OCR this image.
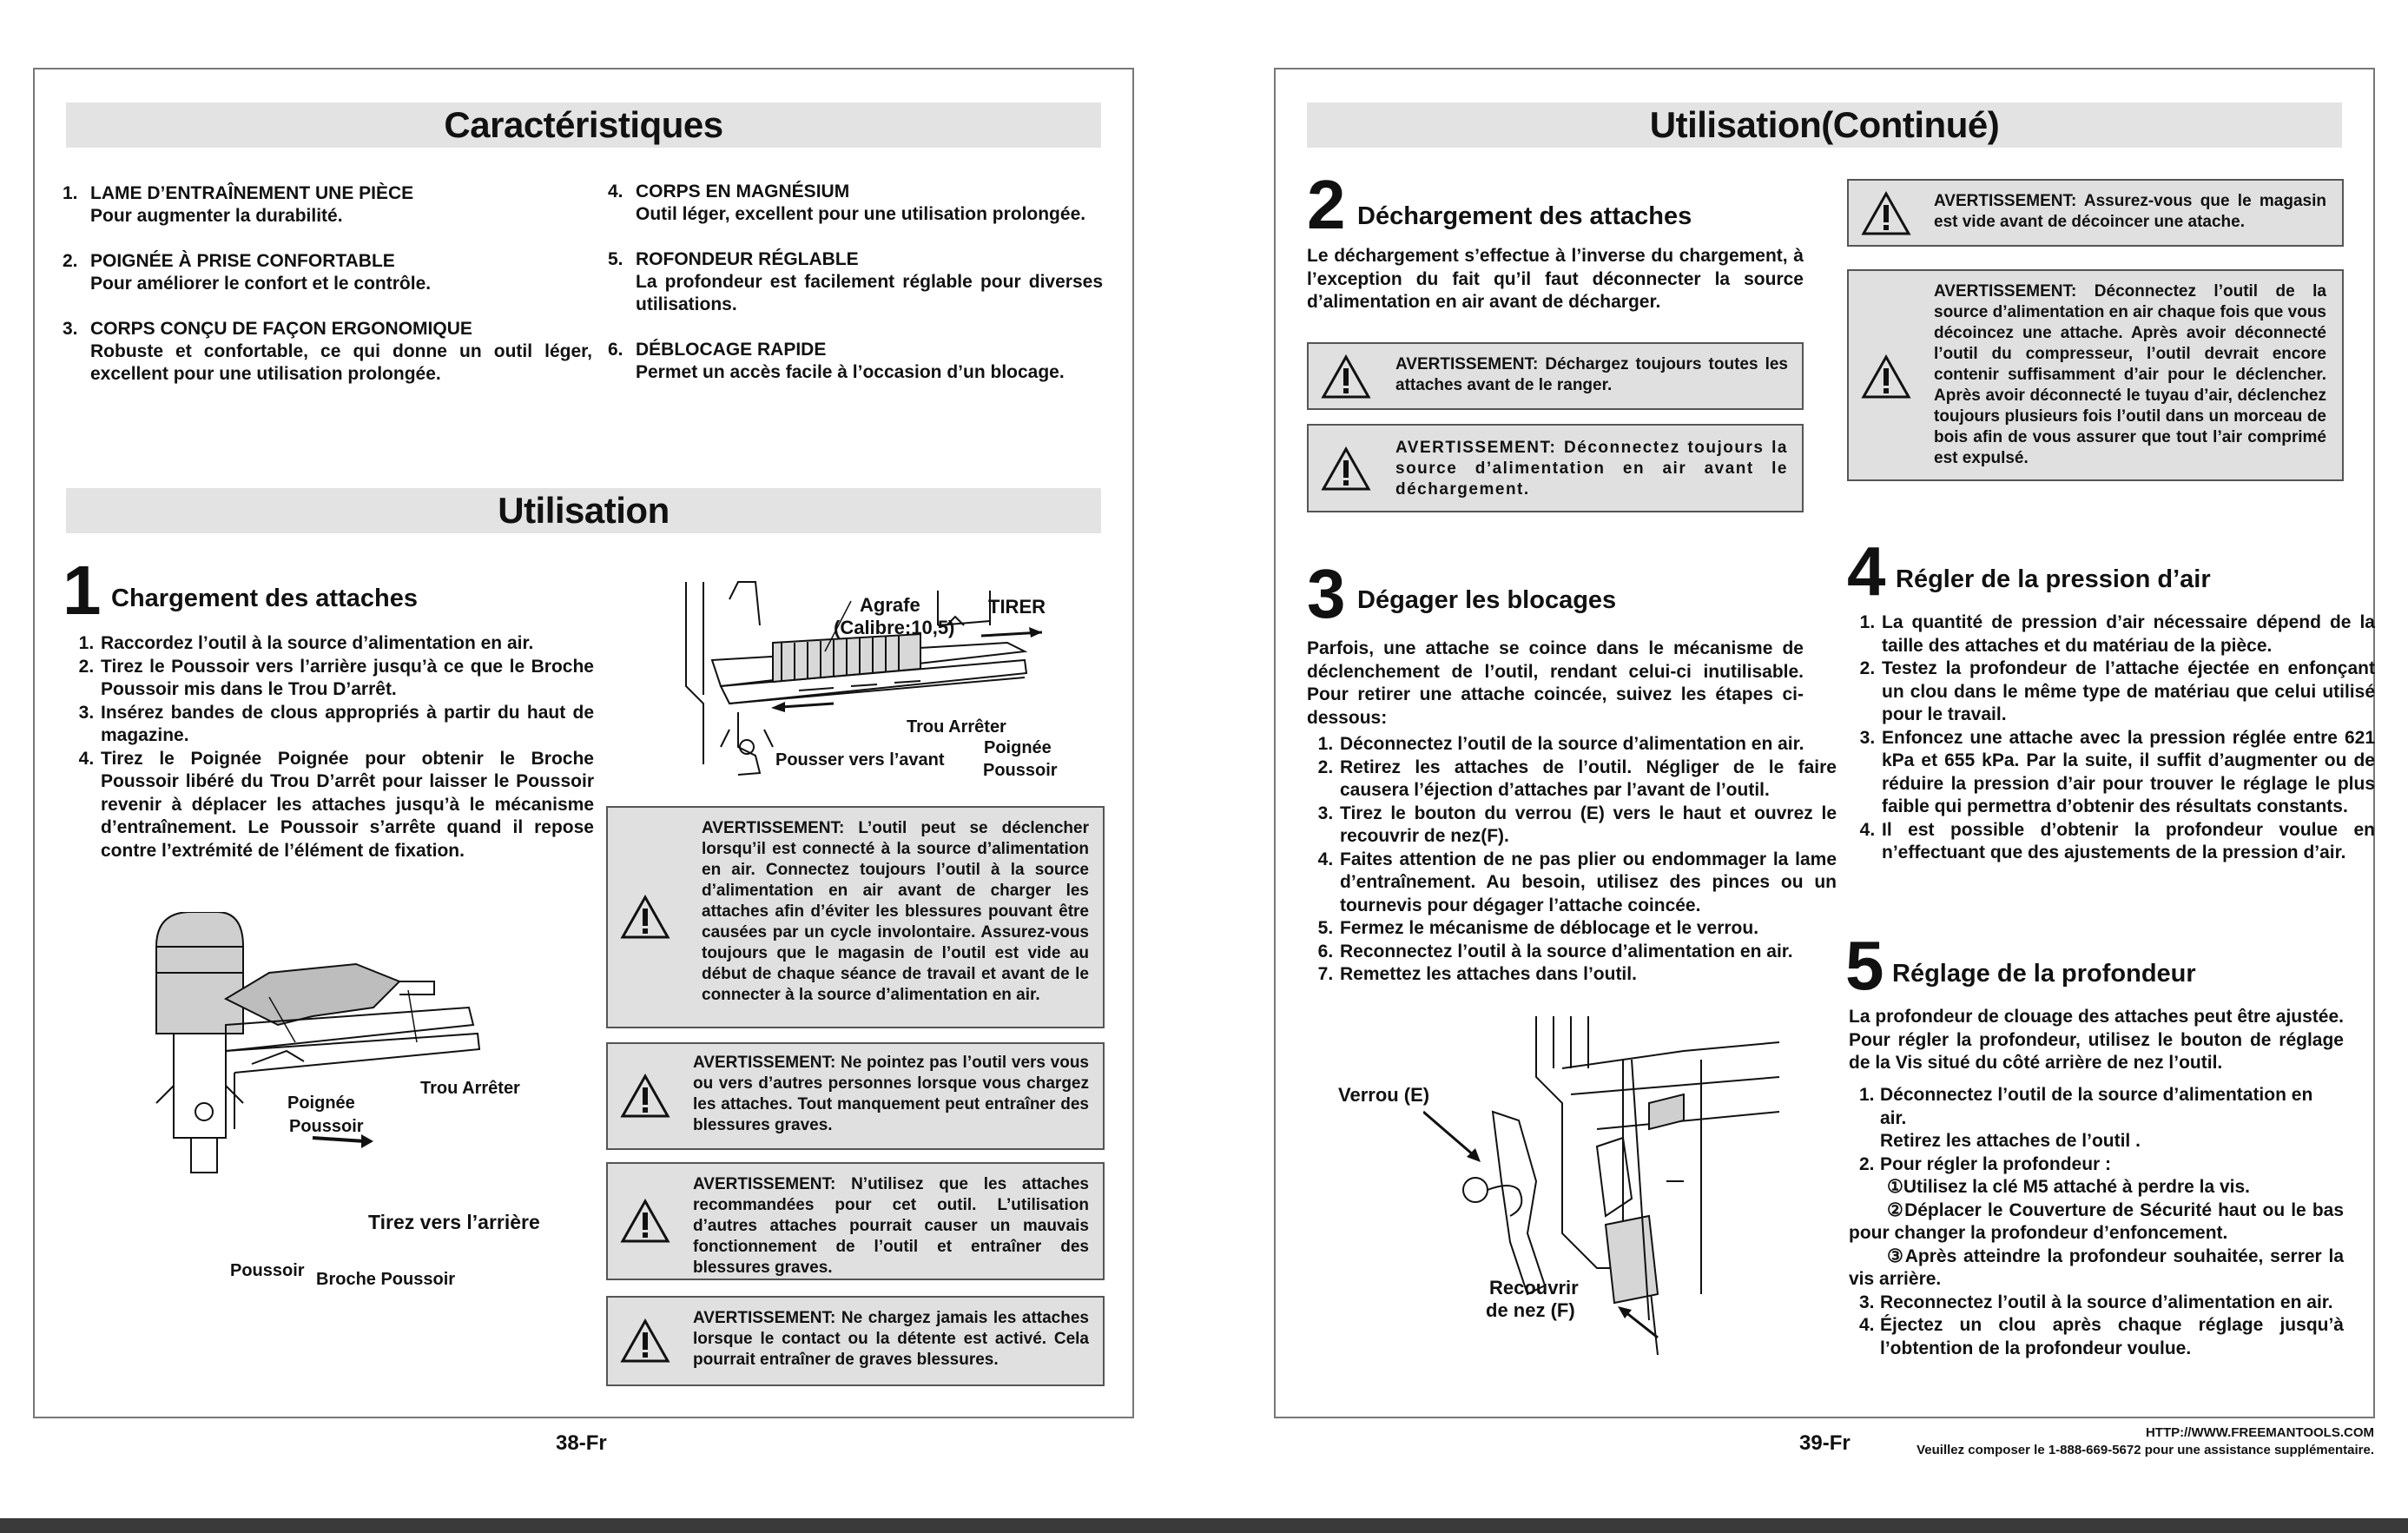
Caractéristiques
1. LAME D’ENTRAÎNEMENT UNE PIÈCE
Pour augmenter la durabilité.
2. POIGNÉE À PRISE CONFORTABLE
Pour améliorer le confort et le contrôle.
3. CORPS CONÇU DE FAÇON ERGONOMIQUE
Robuste et confortable, ce qui donne un outil léger, excellent pour une utilisation prolongée.
4. CORPS EN MAGNÉSIUM
Outil léger, excellent pour une utilisation prolongée.
5. ROFONDEUR RÉGLABLE
La profondeur est facilement réglable pour diverses utilisations.
6. DÉBLOCAGE RAPIDE
Permet un accès facile à l’occasion d’un blocage.
Utilisation
1 Chargement des attaches
1. Raccordez l’outil à la source d’alimentation en air.
2. Tirez le Poussoir vers l’arrière jusqu’à ce que le Broche Poussoir mis dans le Trou D’arrêt.
3. Insérez bandes de clous appropriés à partir du haut de magazine.
4. Tirez le Poignée Poignée pour obtenir le Broche Poussoir libéré du Trou D’arrêt pour laisser le Poussoir revenir à déplacer les attaches jusqu’à le mécanisme d’entraînement. Le Poussoir s’arrête quand il repose contre l’extrémité de l’élément de fixation.
Agrafe
(Calibre:10,5)
TIRER
Trou Arrêter
Poignée
Poussoir
Pousser vers l’avant
Poignée
Poussoir
Trou Arrêter
Tirez vers l’arrière
Poussoir Broche Poussoir
AVERTISSEMENT: L’outil peut se déclencher lorsqu’il est connecté à la source d’alimentation en air. Connectez toujours l’outil à la source d’alimentation en air avant de charger les attaches afin d’éviter les blessures pouvant être causées par un cycle involontaire. Assurez-vous toujours que le magasin de l’outil est vide au début de chaque séance de travail et avant de le connecter à la source d’alimentation en air.
AVERTISSEMENT: Ne pointez pas l’outil vers vous ou vers d’autres personnes lorsque vous chargez les attaches. Tout manquement peut entraîner des blessures graves.
AVERTISSEMENT: N’utilisez que les attaches recommandées pour cet outil. L’utilisation d’autres attaches pourrait causer un mauvais fonctionnement de l’outil et entraîner des blessures graves.
AVERTISSEMENT: Ne chargez jamais les attaches lorsque le contact ou la détente est activé. Cela pourrait entraîner de graves blessures.
38-Fr
Utilisation(Continué)
2 Déchargement des attaches
Le déchargement s’effectue à l’inverse du chargement, à l’exception du fait qu’il faut déconnecter la source d’alimentation en air avant de décharger.
AVERTISSEMENT: Déchargez toujours toutes les attaches avant de le ranger.
AVERTISSEMENT: Déconnectez toujours la source d’alimentation en air avant le déchargement.
AVERTISSEMENT: Assurez-vous que le magasin est vide avant de décoincer une atache.
AVERTISSEMENT: Déconnectez l’outil de la source d’alimentation en air chaque fois que vous décoincez une attache. Après avoir déconnecté l’outil du compresseur, l’outil devrait encore contenir suffisamment d’air pour le déclencher. Après avoir déconnecté le tuyau d’air, déclenchez toujours plusieurs fois l’outil dans un morceau de bois afin de vous assurer que tout l’air comprimé est expulsé.
3 Dégager les blocages
Parfois, une attache se coince dans le mécanisme de déclenchement de l’outil, rendant celui-ci inutilisable. Pour retirer une attache coincée, suivez les étapes ci-dessous:
1. Déconnectez l’outil de la source d’alimentation en air.
2. Retirez les attaches de l’outil. Négliger de le faire causera l’éjection d’attaches par l’avant de l’outil.
3. Tirez le bouton du verrou (E) vers le haut et ouvrez le recouvrir de nez(F).
4. Faites attention de ne pas plier ou endommager la lame d’entraînement. Au besoin, utilisez des pinces ou un tournevis pour dégager l’attache coincée.
5. Fermez le mécanisme de déblocage et le verrou.
6. Reconnectez l’outil à la source d’alimentation en air.
7. Remettez les attaches dans l’outil.
Verrou (E)
Recouvrir
de nez (F)
4 Régler de la pression d’air
1. La quantité de pression d’air nécessaire dépend de la taille des attaches et du matériau de la pièce.
2. Testez la profondeur de l’attache éjectée en enfonçant un clou dans le même type de matériau que celui utilisé pour le travail.
3. Enfoncez une attache avec la pression réglée entre 621 kPa et 655 kPa. Par la suite, il suffit d’augmenter ou de réduire la pression d’air pour trouver le réglage le plus faible qui permettra d’obtenir des résultats constants.
4. Il est possible d’obtenir la profondeur voulue en n’effectuant que des ajustements de la pression d’air.
5 Réglage de la profondeur
La profondeur de clouage des attaches peut être ajustée. Pour régler la profondeur, utilisez le bouton de réglage de la Vis situé du côté arrière de nez l’outil.
1. Déconnectez l’outil de la source d’alimentation en air.
Retirez les attaches de l’outil .
2. Pour régler la profondeur :
①Utilisez la clé M5 attaché à perdre la vis.
②Déplacer le Couverture de Sécurité haut ou le bas pour changer la profondeur d’enfoncement.
③Après atteindre la profondeur souhaitée, serrer la vis arrière.
3. Reconnectez l’outil à la source d’alimentation en air.
4. Éjectez un clou après chaque réglage jusqu’à l’obtention de la profondeur voulue.
39-Fr	HTTP://WWW.FREEMANTOOLS.COM
Veuillez composer le 1-888-669-5672 pour une assistance supplémentaire.
